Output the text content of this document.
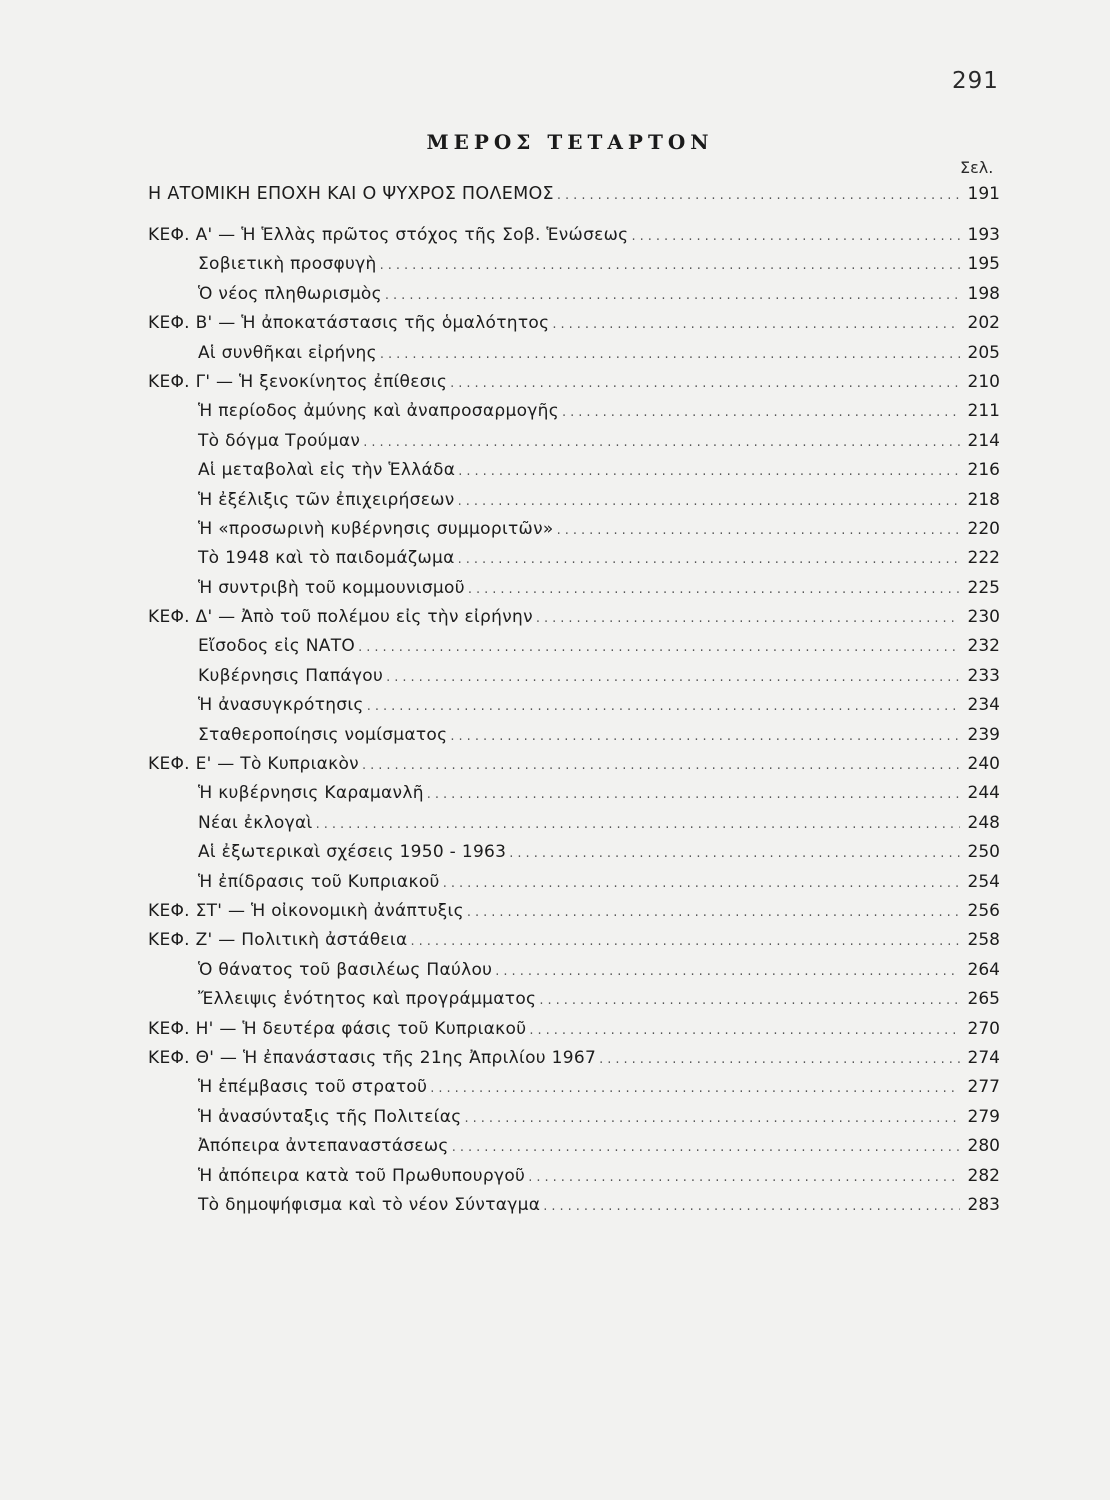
291
ΜΕΡΟΣ ΤΕΤΑΡΤΟΝ
Σελ.
Η ΑΤΟΜΙΚΗ ΕΠΟΧΗ ΚΑΙ Ο ΨΥΧΡΟΣ ΠΟΛΕΜΟΣ .....	191
ΚΕΦ. Α' — Ἡ Ἑλλὰς πρῶτος στόχος τῆς Σοβ. Ἑνώσεως .....	193
Σοβιετικὴ προσφυγὴ .....	195
Ὁ νέος πληθωρισμὸς .....	198
ΚΕΦ. Β' — Ἡ ἀποκατάστασις τῆς ὁμαλότητος .....	202
Αἱ συνθῆκαι εἰρήνης .....	205
ΚΕΦ. Γ' — Ἡ ξενοκίνητος ἐπίθεσις .....	210
Ἡ περίοδος ἀμύνης καὶ ἀναπροσαρμογῆς .....	211
Τὸ δόγμα Τρούμαν .....	214
Αἱ μεταβολαὶ εἰς τὴν Ἑλλάδα .....	216
Ἡ ἐξέλιξις τῶν ἐπιχειρήσεων .....	218
Ἡ «προσωρινὴ κυβέρνησις συμμοριτῶν» .....	220
Τὸ 1948 καὶ τὸ παιδομάζωμα .....	222
Ἡ συντριβὴ τοῦ κομμουνισμοῦ .....	225
ΚΕΦ. Δ' — Ἀπὸ τοῦ πολέμου εἰς τὴν εἰρήνην .....	230
Εἴσοδος εἰς ΝΑΤΟ .....	232
Κυβέρνησις Παπάγου .....	233
Ἡ ἀνασυγκρότησις .....	234
Σταθεροποίησις νομίσματος .....	239
ΚΕΦ. Ε' — Τὸ Κυπριακὸν .....	240
Ἡ κυβέρνησις Καραμανλῆ .....	244
Νέαι ἐκλογαὶ .....	248
Αἱ ἐξωτερικαὶ σχέσεις 1950 - 1963 .....	250
Ἡ ἐπίδρασις τοῦ Κυπριακοῦ .....	254
ΚΕΦ. ΣΤ' — Ἡ οἰκονομικὴ ἀνάπτυξις .....	256
ΚΕΦ. Ζ' — Πολιτικὴ ἀστάθεια .....	258
Ὁ θάνατος τοῦ βασιλέως Παύλου .....	264
Ἔλλειψις ἑνότητος καὶ προγράμματος .....	265
ΚΕΦ. Η' — Ἡ δευτέρα φάσις τοῦ Κυπριακοῦ .....	270
ΚΕΦ. Θ' — Ἡ ἐπανάστασις τῆς 21ης Ἀπριλίου 1967 .....	274
Ἡ ἐπέμβασις τοῦ στρατοῦ .....	277
Ἡ ἀνασύνταξις τῆς Πολιτείας .....	279
Ἀπόπειρα ἀντεπαναστάσεως .....	280
Ἡ ἀπόπειρα κατὰ τοῦ Πρωθυπουργοῦ .....	282
Τὸ δημοψήφισμα καὶ τὸ νέον Σύνταγμα .....	283
